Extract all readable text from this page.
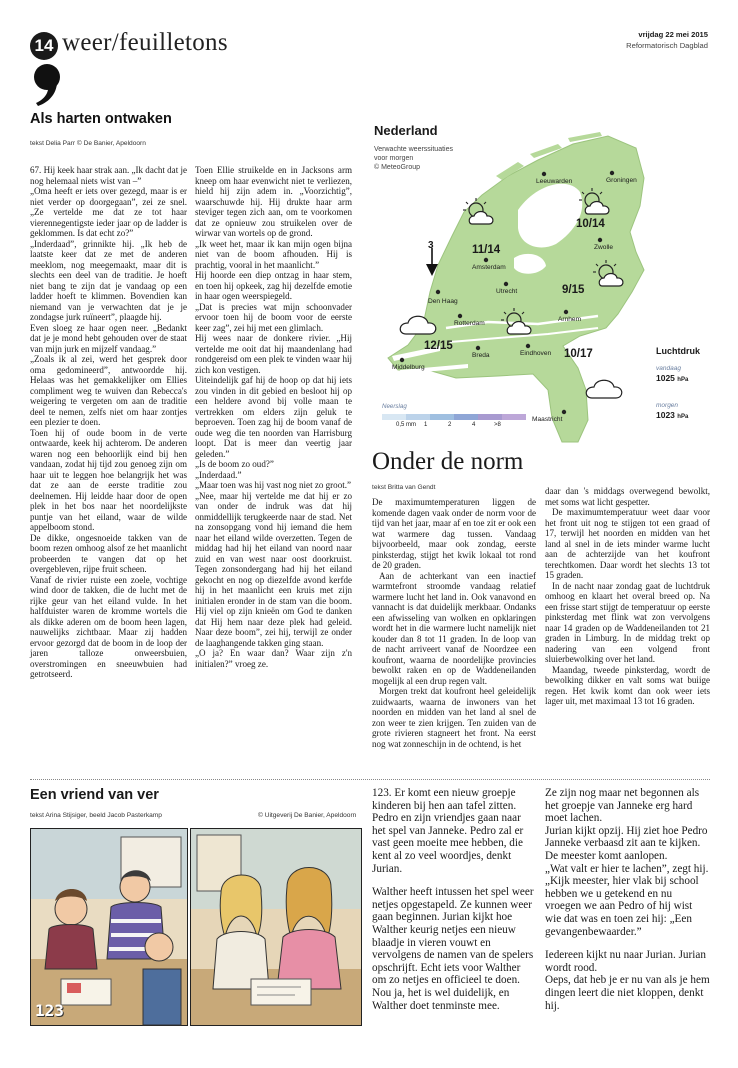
14 weer/feuilletons	vrijdag 22 mei 2015
Reformatorisch Dagblad
Als harten ontwaken
tekst Delia Parr © De Banier, Apeldoorn

67. Hij keek haar strak aan. „Ik dacht dat je nog helemaal niets wist van –”

„Oma heeft er iets over gezegd, maar is er niet verder op doorgegaan”, zei ze snel. „Ze vertelde me dat ze tot haar vierennegentigste ieder jaar op de ladder is geklommen. Is dat echt zo?”

„Inderdaad”, grinnikte hij. „Ik heb de laatste keer dat ze met de anderen meeklom, nog meegemaakt, maar dit is slechts een deel van de traditie. Je hoeft niet bang te zijn dat je vandaag op een ladder hoeft te klimmen. Bovendien kan niemand van je verwachten dat je je zondagse jurk ruïneert”, plaagde hij.

Even sloeg ze haar ogen neer. „Bedankt dat je je mond hebt gehouden over de staat van mijn jurk en mijzelf vandaag.”

„Zoals ik al zei, werd het gesprek door oma gedomineerd”, antwoordde hij. Helaas was het gemakkelijker om Ellies compliment weg te wuiven dan Rebecca's weigering te vergeten om aan de traditie deel te nemen, zelfs niet om haar zontjes een plezier te doen.

Toen hij of oude boom in de verte ontwaarde, keek hij achterom. De anderen waren nog een behoorlijk eind bij hen vandaan, zodat hij tijd zou genoeg zijn om haar uit te leggen hoe belangrijk het was dat ze aan de eerste traditie zou deelnemen. Hij leidde haar door de open plek in het bos naar het noordelijkste puntje van het eiland, waar de wilde appelboom stond.

De dikke, ongesnoeide takken van de boom rezen omhoog alsof ze het maanlicht probeerden te vangen dat op het overgebleven, rijpe fruit scheen.

Vanaf de rivier ruiste een zoele, vochtige wind door de takken, die de lucht met de rijke geur van het eiland vulde. In het halfduister waren de kromme wortels die als dikke aderen om de boom heen lagen, nauwelijks zichtbaar. Maar zij hadden ervoor gezorgd dat de boom in de loop der jaren talloze onweersbuien, overstromingen en sneeuwbuien had getrotseerd.

Toen Ellie struikelde en in Jacksons arm kneep om haar evenwicht niet te verliezen, hield hij zijn adem in. „Voorzichtig”, waarschuwde hij. Hij drukte haar arm steviger tegen zich aan, om te voorkomen dat ze opnieuw zou struikelen over de wirwar van wortels op de grond.

„Ik weet het, maar ik kan mijn ogen bijna niet van de boom afhouden. Hij is prachtig, vooral in het maanlicht.”

Hij hoorde een diep ontzag in haar stem, en toen hij opkeek, zag hij dezelfde emotie in haar ogen weerspiegeld.

„Dat is precies wat mijn schoonvader ervoor toen hij de boom voor de eerste keer zag”, zei hij met een glimlach.

Hij wees naar de donkere rivier. „Hij vertelde me ooit dat hij maandenlang had rondgereisd om een plek te vinden waar hij zich kon vestigen.

Uiteindelijk gaf hij de hoop op dat hij iets zou vinden in dit gebied en besloot hij op een heldere avond bij volle maan te vertrekken om elders zijn geluk te beproeven. Toen zag hij de boom vanaf de oude weg die ten noorden van Harrisburg loopt. Dat is meer dan veertig jaar geleden.”

„Is de boom zo oud?”

„Inderdaad.”

„Maar toen was hij vast nog niet zo groot.”

„Nee, maar hij vertelde me dat hij er zo van onder de indruk was dat hij onmiddellijk terugkeerde naar de stad. Net na zonsopgang vond hij iemand die hem naar het eiland wilde overzetten. Tegen de middag had hij het eiland van noord naar zuid en van west naar oost doorkruist. Tegen zonsondergang had hij het eiland gekocht en nog op diezelfde avond kerfde hij in het maanlicht een kruis met zijn initialen eronder in de stam van die boom. Hij viel op zijn knieën om God te danken dat Hij hem naar deze plek had geleid. Naar deze boom”, zei hij, terwijl ze onder de laaghangende takken ging staan.

„O ja? En waar dan? Waar zijn z'n initialen?” vroeg ze.

Nederland
Verwachte weerssituaties
voor morgen
© MeteoGroup
Leeuwarden	Groningen
Zwolle
Amsterdam
Den Haag
Utrecht
Rotterdam
Arnhem
Breda	Eindhoven
Middelburg
Maastricht
10/14
11/14
9/15
12/15
10/17
3
Neerslag
0,5 mm 1	2	4	>8
Luchtdruk
vandaag
1025 hPa
morgen
1023 hPa
Onder de norm
tekst Britta van Gendt

De maximumtemperaturen liggen de komende dagen vaak onder de norm voor de tijd van het jaar, maar af en toe zit er ook een wat warmere dag tussen. Vandaag bijvoorbeeld, maar ook zondag, eerste pinksterdag, stijgt het kwik lokaal tot rond de 20 graden.

Aan de achterkant van een inactief warmtefront stroomde vandaag relatief warmere lucht het land in. Ook vanavond en vannacht is dat duidelijk merkbaar. Ondanks een afwisseling van wolken en opklaringen wordt het in die warmere lucht namelijk niet kouder dan 8 tot 11 graden. In de loop van de nacht arriveert vanaf de Noordzee een koufront, waarna de noordelijke provincies bewolkt raken en op de Waddeneilanden mogelijk al een drup regen valt.

Morgen trekt dat koufront heel geleidelijk zuidwaarts, waarna de inwoners van het noorden en midden van het land al snel de zon weer te zien krijgen. Ten zuiden van de grote rivieren stagneert het front. Na eerst nog wat zonneschijn in de ochtend, is het

daar dan 's middags overwegend bewolkt, met soms wat licht gespetter.

De maximumtemperatuur weet daar voor het front uit nog te stijgen tot een graad of 17, terwijl het noorden en midden van het land al snel in de iets minder warme lucht aan de achterzijde van het koufront terechtkomen. Daar wordt het slechts 13 tot 15 graden.

In de nacht naar zondag gaat de luchtdruk omhoog en klaart het overal breed op. Na een frisse start stijgt de temperatuur op eerste pinksterdag met flink wat zon vervolgens naar 14 graden op de Waddeneilanden tot 21 graden in Limburg. In de middag trekt op nadering van een volgend front sluierbewolking over het land.

Maandag, tweede pinksterdag, wordt de bewolking dikker en valt soms wat buiige regen. Het kwik komt dan ook weer iets lager uit, met maximaal 13 tot 16 graden.

Een vriend van ver
tekst Arina Stijsiger, beeld Jacob Pasterkamp	© Uitgeverij De Banier, Apeldoorn
123

123. Er komt een nieuw groepje kinderen bij hen aan tafel zitten.

Pedro en zijn vriendjes gaan naar het spel van Janneke. Pedro zal er vast geen moeite mee hebben, die kent al zo veel woordjes, denkt Jurian.

Walther heeft intussen het spel weer netjes opgestapeld. Ze kunnen weer gaan beginnen. Jurian kijkt hoe Walther keurig netjes een nieuw blaadje in vieren vouwt en vervolgens de namen van de spelers opschrijft. Echt iets voor Walther om zo netjes en officieel te doen.

Nou ja, het is wel duidelijk, en Walther doet tenminste mee.

Ze zijn nog maar net begonnen als het groepje van Janneke erg hard moet lachen.

Jurian kijkt opzij. Hij ziet hoe Pedro Janneke verbaasd zit aan te kijken. De meester komt aanlopen.

„Wat valt er hier te lachen”, zegt hij.

„Kijk meester, hier vlak bij school hebben we u getekend en nu vroegen we aan Pedro of hij wist wie dat was en toen zei hij: „Een gevangenbewaarder.”

Iedereen kijkt nu naar Jurian. Jurian wordt rood.

Oeps, dat heb je er nu van als je hem dingen leert die niet kloppen, denkt hij.
